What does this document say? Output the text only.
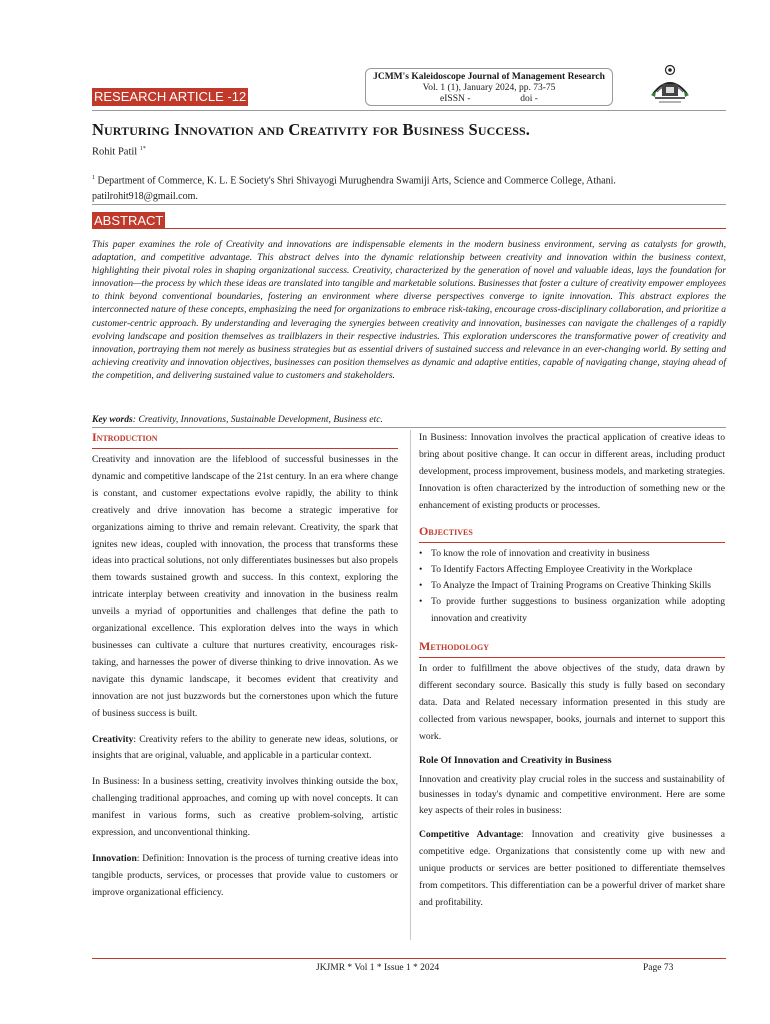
RESEARCH ARTICLE -12
JCMM's Kaleidoscope Journal of Management Research
Vol. 1 (1), January 2024, pp. 73-75
eISSN -                     doi -
Nurturing Innovation and Creativity for Business Success.
Rohit Patil $^{1*}$
$^1$ Department of Commerce, K. L. E Society's Shri Shivayogi Murughendra Swamiji Arts, Science and Commerce College, Athani.
patilrohit918@gmail.com.
ABSTRACT
This paper examines the role of Creativity and innovations are indispensable elements in the modern business environment, serving as catalysts for growth, adaptation, and competitive advantage. This abstract delves into the dynamic relationship between creativity and innovation within the business context, highlighting their pivotal roles in shaping organizational success. Creativity, characterized by the generation of novel and valuable ideas, lays the foundation for innovation—the process by which these ideas are translated into tangible and marketable solutions. Businesses that foster a culture of creativity empower employees to think beyond conventional boundaries, fostering an environment where diverse perspectives converge to ignite innovation. This abstract explores the interconnected nature of these concepts, emphasizing the need for organizations to embrace risk-taking, encourage cross-disciplinary collaboration, and prioritize a customer-centric approach. By understanding and leveraging the synergies between creativity and innovation, businesses can navigate the challenges of a rapidly evolving landscape and position themselves as trailblazers in their respective industries. This exploration underscores the transformative power of creativity and innovation, portraying them not merely as business strategies but as essential drivers of sustained success and relevance in an ever-changing world. By setting and achieving creativity and innovation objectives, businesses can position themselves as dynamic and adaptive entities, capable of navigating change, staying ahead of the competition, and delivering sustained value to customers and stakeholders.
Key words: Creativity, Innovations, Sustainable Development, Business etc.
Introduction

Creativity and innovation are the lifeblood of successful businesses in the dynamic and competitive landscape of the 21st century. In an era where change is constant, and customer expectations evolve rapidly, the ability to think creatively and drive innovation has become a strategic imperative for organizations aiming to thrive and remain relevant. Creativity, the spark that ignites new ideas, coupled with innovation, the process that transforms these ideas into practical solutions, not only differentiates businesses but also propels them towards sustained growth and success. In this context, exploring the intricate interplay between creativity and innovation in the business realm unveils a myriad of opportunities and challenges that define the path to organizational excellence. This exploration delves into the ways in which businesses can cultivate a culture that nurtures creativity, encourages risk-taking, and harnesses the power of diverse thinking to drive innovation. As we navigate this dynamic landscape, it becomes evident that creativity and innovation are not just buzzwords but the cornerstones upon which the future of business success is built.

Creativity: Creativity refers to the ability to generate new ideas, solutions, or insights that are original, valuable, and applicable in a particular context.

In Business: In a business setting, creativity involves thinking outside the box, challenging traditional approaches, and coming up with novel concepts. It can manifest in various forms, such as creative problem-solving, artistic expression, and unconventional thinking.

Innovation: Definition: Innovation is the process of turning creative ideas into tangible products, services, or processes that provide value to customers or improve organizational efficiency.

In Business: Innovation involves the practical application of creative ideas to bring about positive change. It can occur in different areas, including product development, process improvement, business models, and marketing strategies. Innovation is often characterized by the introduction of something new or the enhancement of existing products or processes.

Objectives
• To know the role of innovation and creativity in business
• To Identify Factors Affecting Employee Creativity in the Workplace
• To Analyze the Impact of Training Programs on Creative Thinking Skills
• To provide further suggestions to business organization while adopting innovation and creativity
Methodology

In order to fulfillment the above objectives of the study, data drawn by different secondary source. Basically this study is fully based on secondary data. Data and Related necessary information presented in this study are collected from various newspaper, books, journals and internet to support this work.

Role Of Innovation and Creativity in Business

Innovation and creativity play crucial roles in the success and sustainability of businesses in today's dynamic and competitive environment. Here are some key aspects of their roles in business:

Competitive Advantage: Innovation and creativity give businesses a competitive edge. Organizations that consistently come up with new and unique products or services are better positioned to differentiate themselves from competitors. This differentiation can be a powerful driver of market share and profitability.

JKJMR * Vol 1 * Issue 1 * 2024	Page 73
